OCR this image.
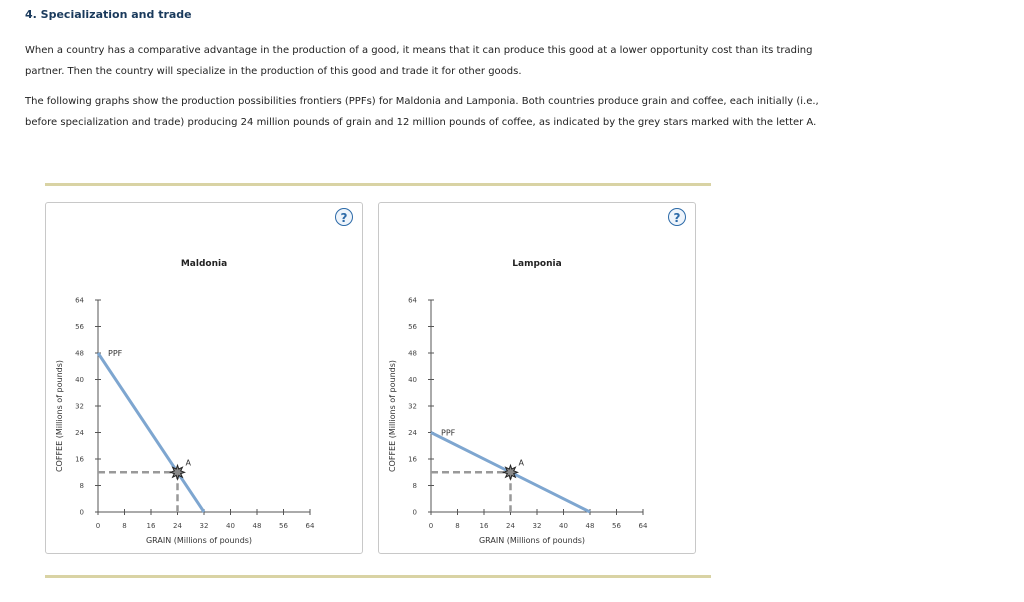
4. Specialization and trade
When a country has a comparative advantage in the production of a good, it means that it can produce this good at a lower opportunity cost than its trading partner. Then the country will specialize in the production of this good and trade it for other goods.
The following graphs show the production possibilities frontiers (PPFs) for Maldonia and Lamponia. Both countries produce grain and coffee, each initially (i.e., before specialization and trade) producing 24 million pounds of grain and 12 million pounds of coffee, as indicated by the grey stars marked with the letter A.
?
Maldonia
0
8
16
24
32
40
48
56
64
0	8	16	24	32	40	48	56	64
GRAIN (Millions of pounds)
COFFEE (Millions of pounds)
PPF
A
?
Lamponia
0
8
16
24
32
40
48
56
64
0	8	16	24	32	40	48	56	64
GRAIN (Millions of pounds)
COFFEE (Millions of pounds)	PPF
A
